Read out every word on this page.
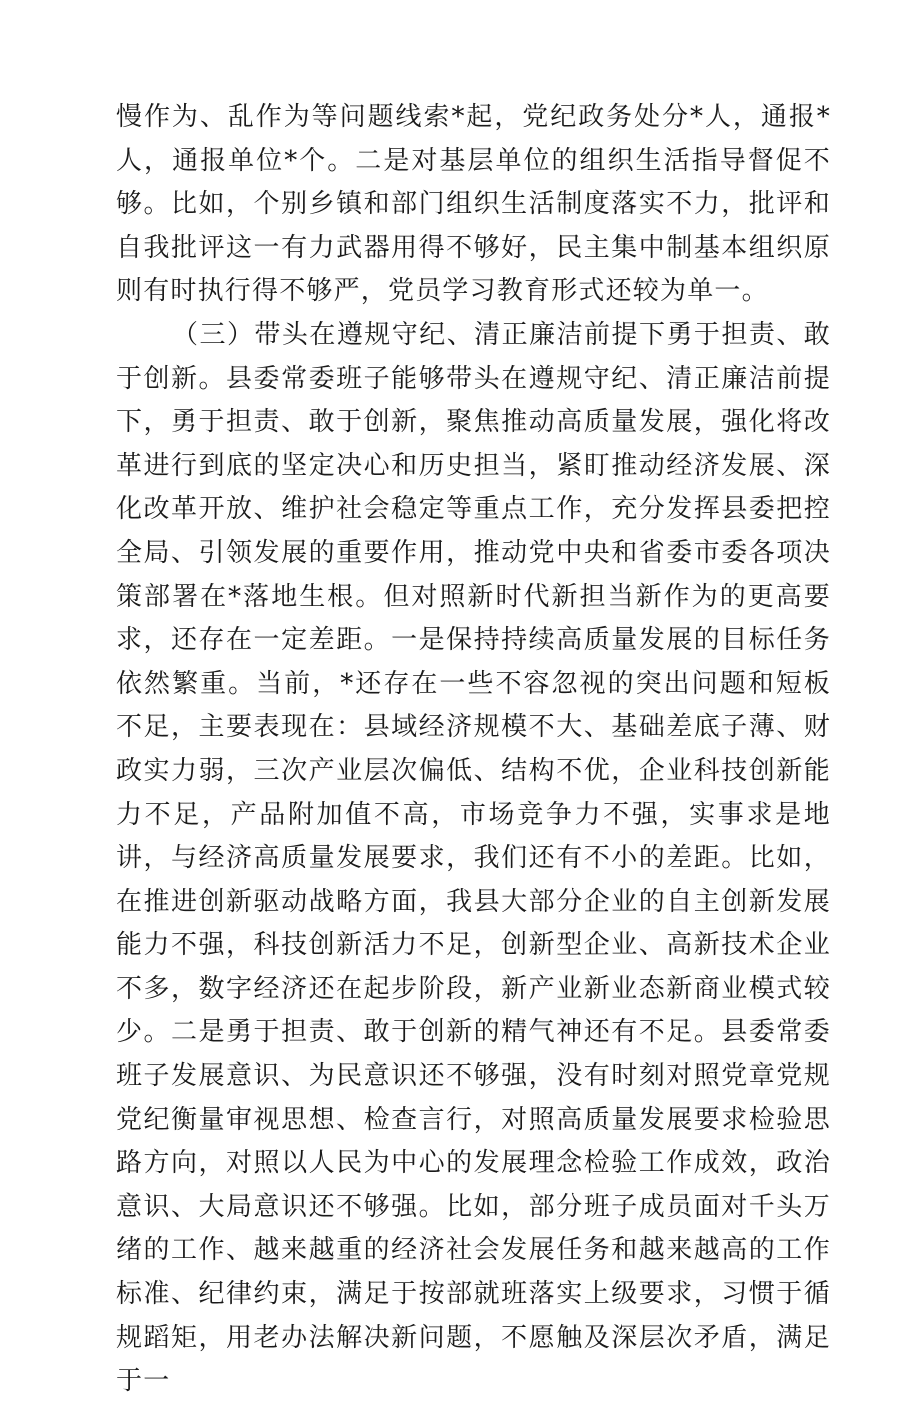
慢作为、乱作为等问题线索*起，党纪政务处分*人，通报*人，通报单位*个。二是对基层单位的组织生活指导督促不够。比如，个别乡镇和部门组织生活制度落实不力，批评和自我批评这一有力武器用得不够好，民主集中制基本组织原则有时执行得不够严，党员学习教育形式还较为单一。

（三）带头在遵规守纪、清正廉洁前提下勇于担责、敢于创新。县委常委班子能够带头在遵规守纪、清正廉洁前提下，勇于担责、敢于创新，聚焦推动高质量发展，强化将改革进行到底的坚定决心和历史担当，紧盯推动经济发展、深化改革开放、维护社会稳定等重点工作，充分发挥县委把控全局、引领发展的重要作用，推动党中央和省委市委各项决策部署在*落地生根。但对照新时代新担当新作为的更高要求，还存在一定差距。一是保持持续高质量发展的目标任务依然繁重。当前，*还存在一些不容忽视的突出问题和短板不足，主要表现在：县域经济规模不大、基础差底子薄、财政实力弱，三次产业层次偏低、结构不优，企业科技创新能力不足，产品附加值不高，市场竞争力不强，实事求是地讲，与经济高质量发展要求，我们还有不小的差距。比如，在推进创新驱动战略方面，我县大部分企业的自主创新发展能力不强，科技创新活力不足，创新型企业、高新技术企业不多，数字经济还在起步阶段，新产业新业态新商业模式较少。二是勇于担责、敢于创新的精气神还有不足。县委常委班子发展意识、为民意识还不够强，没有时刻对照党章党规党纪衡量审视思想、检查言行，对照高质量发展要求检验思路方向，对照以人民为中心的发展理念检验工作成效，政治意识、大局意识还不够强。比如，部分班子成员面对千头万绪的工作、越来越重的经济社会发展任务和越来越高的工作标准、纪律约束，满足于按部就班落实上级要求，习惯于循规蹈矩，用老办法解决新问题，不愿触及深层次矛盾，满足于一
